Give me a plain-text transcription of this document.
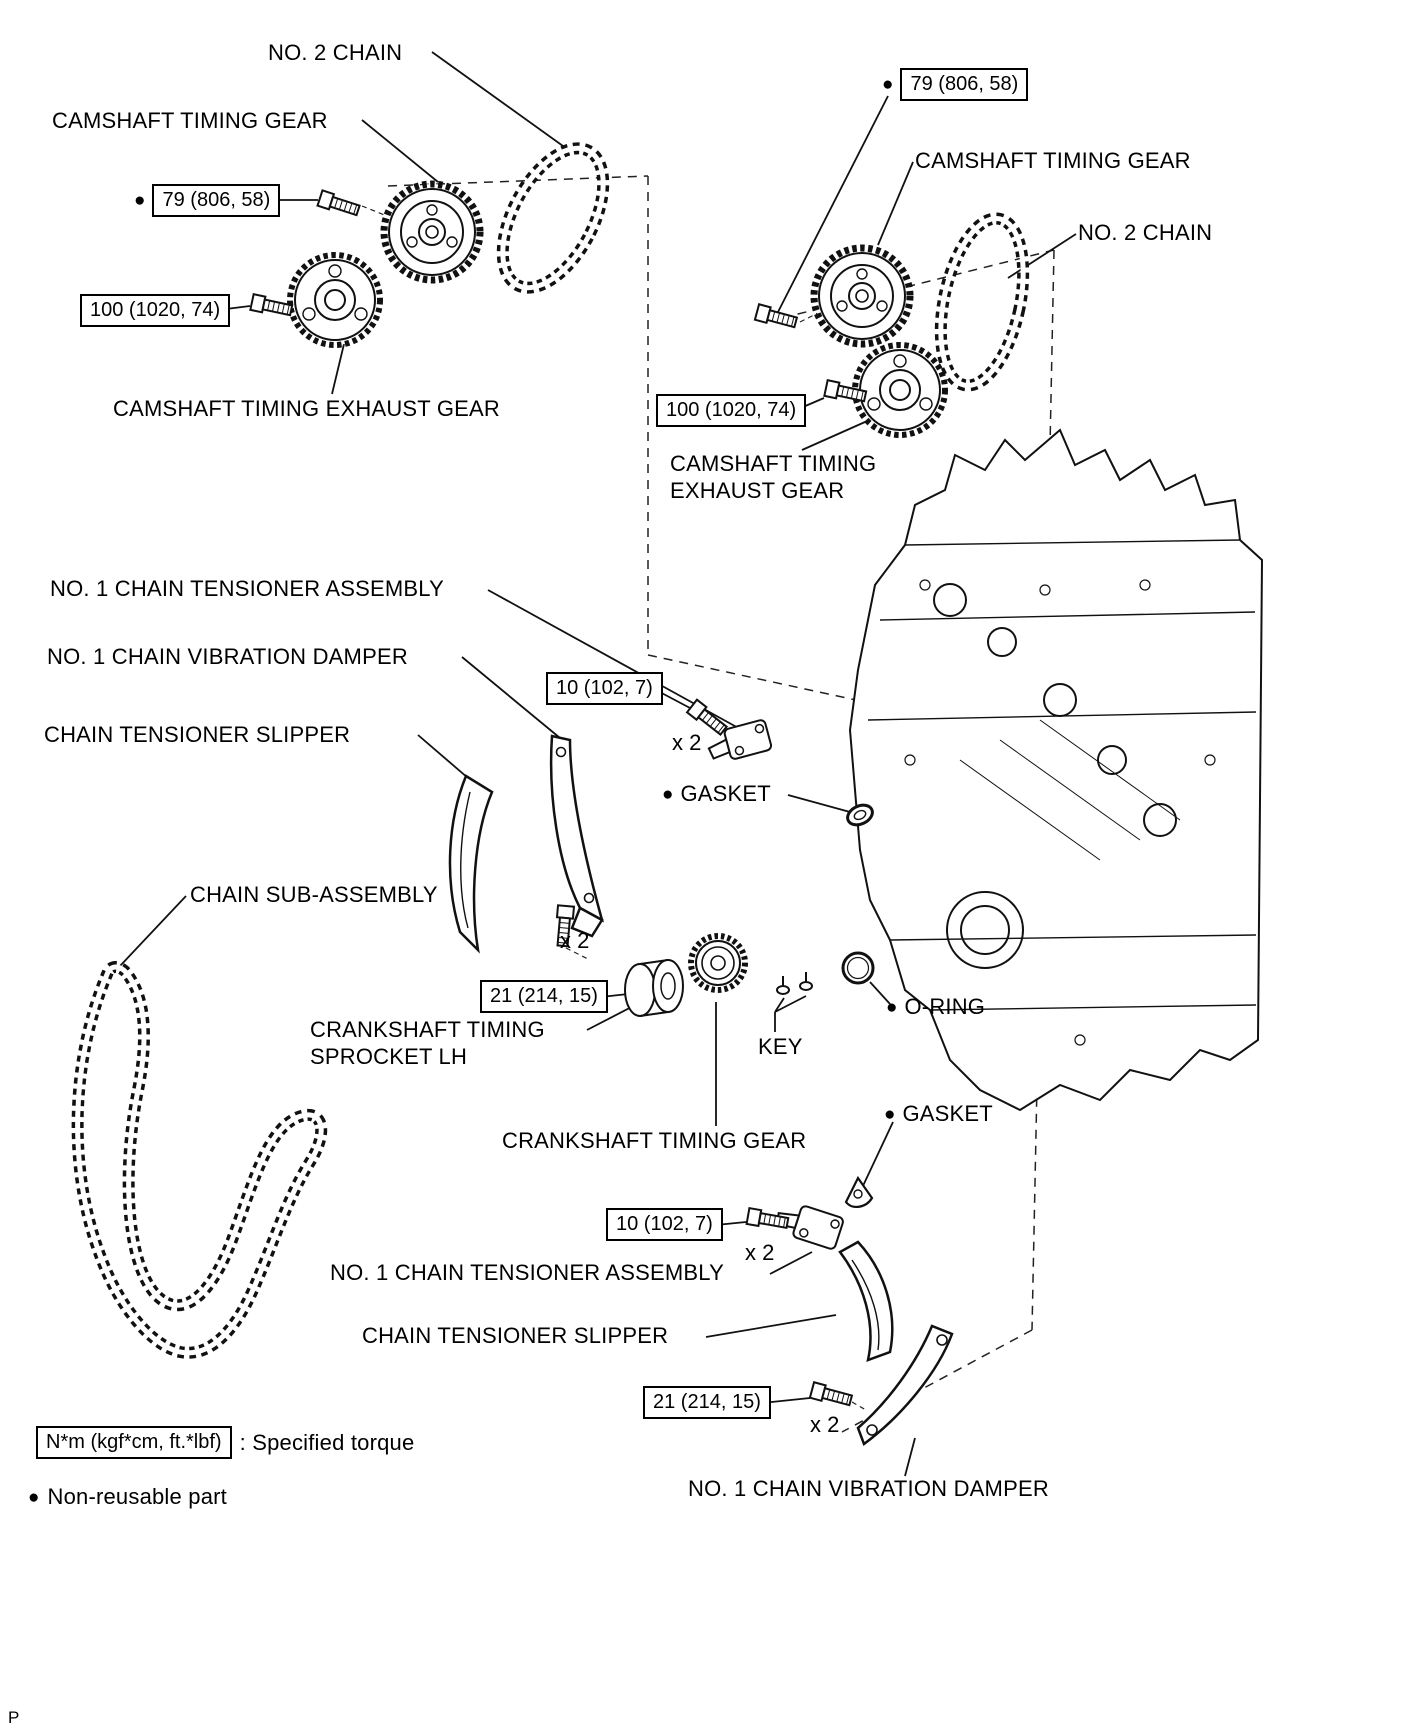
NO. 2 CHAIN
CAMSHAFT TIMING GEAR
● 79 (806, 58)
100 (1020, 74)
CAMSHAFT TIMING EXHAUST GEAR
● 79 (806, 58)
CAMSHAFT TIMING GEAR
NO. 2 CHAIN
100 (1020, 74)
CAMSHAFT TIMING
EXHAUST GEAR
NO. 1 CHAIN TENSIONER ASSEMBLY
NO. 1 CHAIN VIBRATION DAMPER
10 (102, 7)
x 2
CHAIN TENSIONER SLIPPER
● GASKET
CHAIN SUB-ASSEMBLY
x 2
21 (214, 15)
CRANKSHAFT TIMING
SPROCKET LH	KEY
● O-RING
● GASKET
CRANKSHAFT TIMING GEAR
10 (102, 7)
x 2
NO. 1 CHAIN TENSIONER ASSEMBLY
CHAIN TENSIONER SLIPPER
21 (214, 15)
x 2
NO. 1 CHAIN VIBRATION DAMPER
N*m (kgf*cm, ft.*lbf) : Specified torque
● Non-reusable part
P
